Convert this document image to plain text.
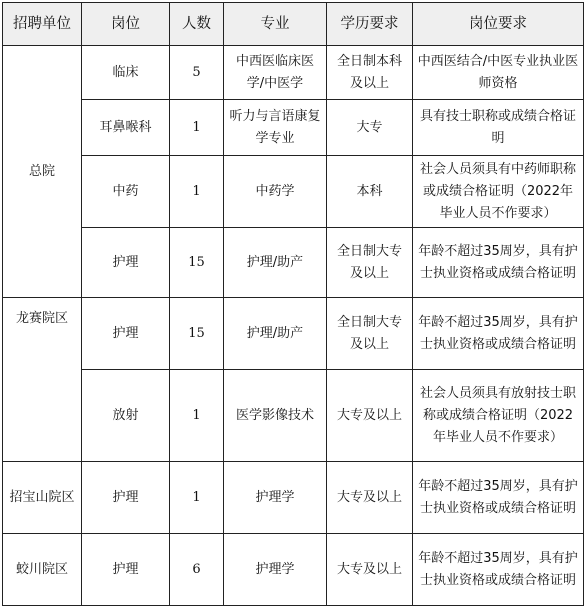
招聘单位	岗位	人数	专业	学历要求	岗位要求
总院	临床	5	中西医临床医学/中医学	全日制本科及以上	中西医结合/中医专业执业医师资格
	耳鼻喉科	1	听力与言语康复学专业	大专	具有技士职称或成绩合格证明
	中药	1	中药学	本科	社会人员须具有中药师职称或成绩合格证明（2022年毕业人员不作要求）
	护理	15	护理/助产	全日制大专及以上	年龄不超过35周岁，具有护士执业资格或成绩合格证明
龙赛院区	护理	15	护理/助产	全日制大专及以上	年龄不超过35周岁，具有护士执业资格或成绩合格证明
	放射	1	医学影像技术	大专及以上	社会人员须具有放射技士职称或成绩合格证明（2022年毕业人员不作要求）
招宝山院区	护理	1	护理学	大专及以上	年龄不超过35周岁，具有护士执业资格或成绩合格证明
蛟川院区	护理	6	护理学	大专及以上	年龄不超过35周岁，具有护士执业资格或成绩合格证明
